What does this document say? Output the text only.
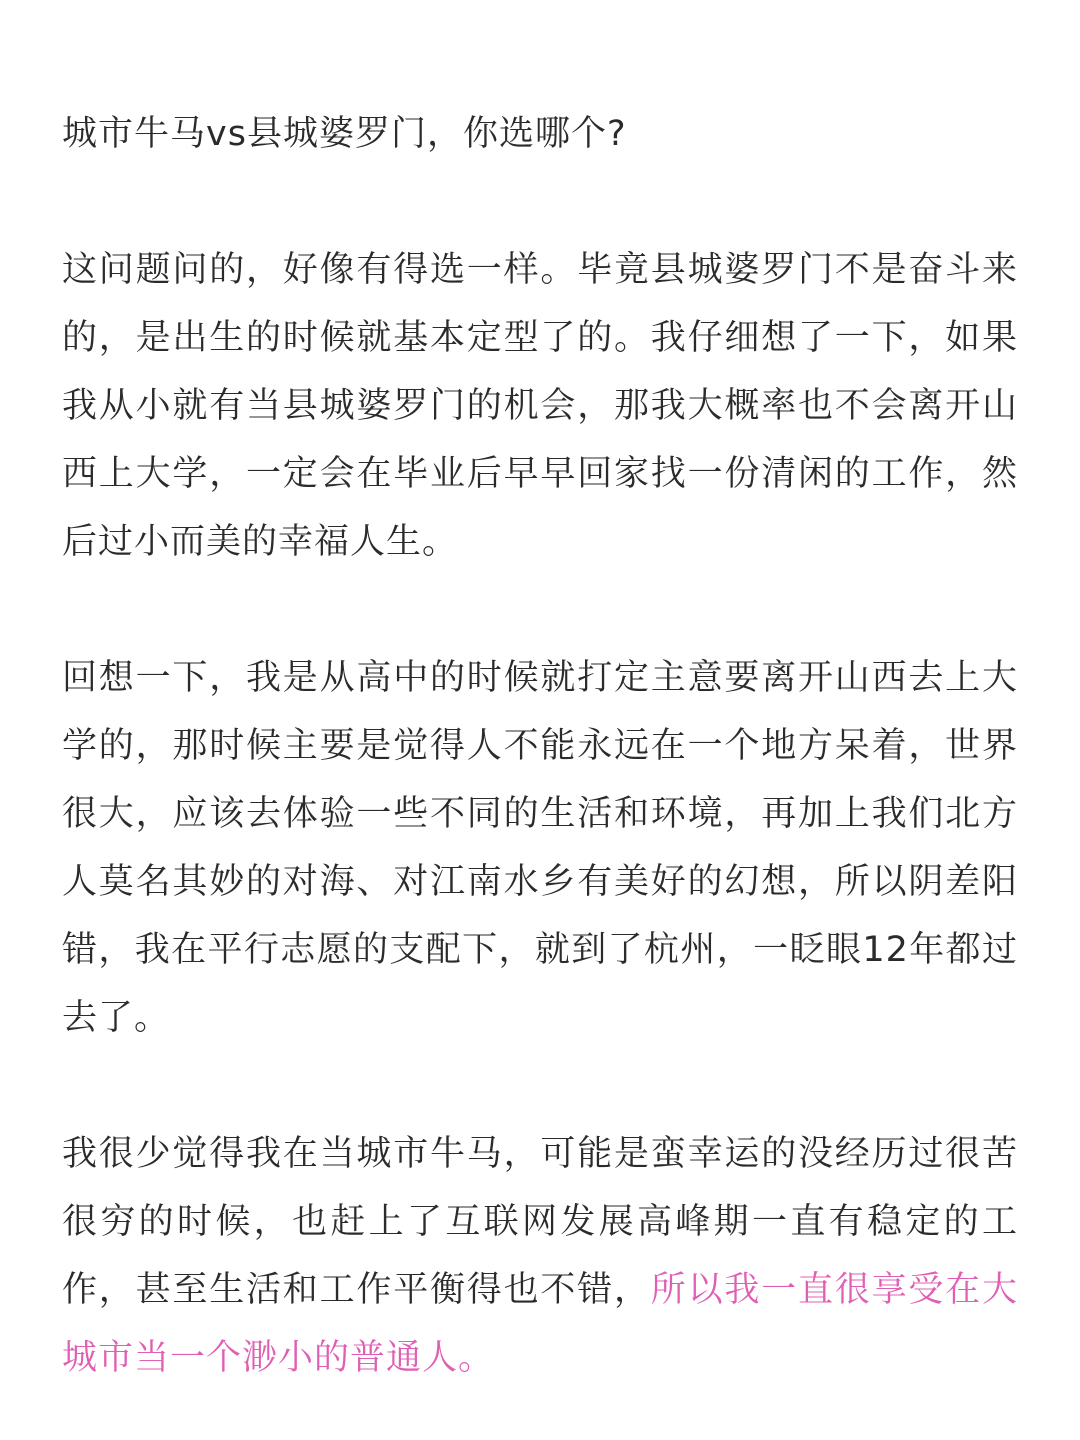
城市牛马vs县城婆罗门，你选哪个?

这问题问的，好像有得选一样。毕竟县城婆罗门不是奋斗来的，是出生的时候就基本定型了的。我仔细想了一下，如果我从小就有当县城婆罗门的机会，那我大概率也不会离开山西上大学，一定会在毕业后早早回家找一份清闲的工作，然后过小而美的幸福人生。

回想一下，我是从高中的时候就打定主意要离开山西去上大学的，那时候主要是觉得人不能永远在一个地方呆着，世界很大，应该去体验一些不同的生活和环境，再加上我们北方人莫名其妙的对海、对江南水乡有美好的幻想，所以阴差阳错，我在平行志愿的支配下，就到了杭州，一眨眼12年都过去了。

我很少觉得我在当城市牛马，可能是蛮幸运的没经历过很苦很穷的时候，也赶上了互联网发展高峰期一直有稳定的工作，甚至生活和工作平衡得也不错，所以我一直很享受在大城市当一个渺小的普通人。
